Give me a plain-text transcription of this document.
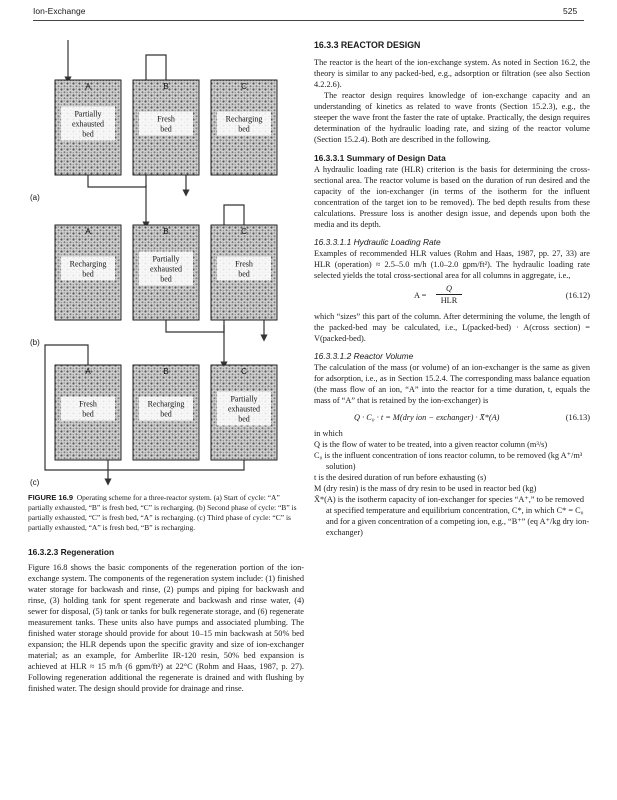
Ion-Exchange	525
A
Partially
exhausted
bed
B
Fresh
bed
C
Recharging
bed
(a)
A
Recharging
bed
B
Partially
exhausted
bed
C
Fresh
bed
(b)
A
Fresh
bed
B
Recharging
bed
C
Partially
exhausted
bed
(c)

FIGURE 16.9 Operating scheme for a three-reactor system. (a) Start of cycle: “A” partially exhausted, “B” is fresh bed, “C” is recharging. (b) Second phase of cycle: “B” is partially exhausted, “C” is fresh bed, “A” is recharging. (c) Third phase of cycle: “C” is partially exhausted, “A” is fresh bed, “B” is recharging.

16.3.2.3 Regeneration

Figure 16.8 shows the basic components of the regeneration portion of the ion-exchange system. The components of the regeneration system include: (1) finished water storage for backwash and rinse, (2) pumps and piping for backwash and rinse, (3) holding tank for spent regenerate and backwash and rinse water, (4) sewer for disposal, (5) tank or tanks for bulk regenerate storage, and (6) regenerate measurement tanks. These units also have pumps and associated plumbing. The finished water storage should provide for about 10–15 min backwash at 50% bed expansion; the HLR depends upon the specific gravity and size of ion-exchanger material; as an example, for Amberlite IR-120 resin, 50% bed expansion is achieved at HLR ≈ 15 m/h (6 gpm/ft²) at 22°C (Rohm and Haas, 1987, p. 27). Following regeneration additional the regenerate is drained and with flushing by finished water. The design should provide for drainage and rinse.

16.3.3 REACTOR DESIGN

The reactor is the heart of the ion-exchange system. As noted in Section 16.2, the theory is similar to any packed-bed, e.g., adsorption or filtration (see also Section 4.2.2.6).

The reactor design requires knowledge of ion-exchange capacity and an understanding of kinetics as related to wave fronts (Section 15.2.3), e.g., the steeper the wave front the faster the rate of uptake. Practically, the design requires determination of the hydraulic loading rate, and sizing of the reactor volume (Section 15.2.4). Both are described in the following.

16.3.3.1 Summary of Design Data

A hydraulic loading rate (HLR) criterion is the basis for determining the cross-sectional area. The reactor volume is based on the duration of run desired and the capacity of the ion-exchanger (in terms of the isotherm for the influent concentration of the target ion to be removed). The bed depth results from these calculations. Pressure loss is another design issue, and depends upon both the media and its depth.

16.3.3.1.1 Hydraulic Loading Rate

Examples of recommended HLR values (Rohm and Haas, 1987, pp. 27, 33) are HLR (operation) ≈ 2.5–5.0 m/h (1.0–2.0 gpm/ft²). The hydraulic loading rate selected yields the total cross-sectional area for all columns in aggregate, i.e.,

A =
Q
HLR
(16.12)

which “sizes” this part of the column. After determining the volume, the length of the packed-bed may be calculated, i.e., L(packed-bed) · A(cross section) = V(packed-bed).

16.3.3.1.2 Reactor Volume

The calculation of the mass (or volume) of an ion-exchanger is the same as given for adsorption, i.e., as in Section 15.2.4. The corresponding mass balance equation (the mass flow of an ion, “A” into the reactor for a time duration, t, equals the mass of “A” that is retained by the ion-exchanger) is

Q · C₀ · t = M(dry ion − exchanger) · X̄*(A)	(16.13)

in which

Q is the flow of water to be treated, into a given reactor column (m³/s)

C₀ is the influent concentration of ions reactor column, to be removed (kg A⁺/m³ solution)

t is the desired duration of run before exhausting (s)

M (dry resin) is the mass of dry resin to be used in reactor bed (kg)

X̄*(A) is the isotherm capacity of ion-exchanger for species “A⁺,” to be removed at specified temperature and equilibrium concentration, C*, in which C* = C₀ and for a given concentration of a competing ion, e.g., “B⁺” (eq A⁺/kg dry ion-exchanger)
